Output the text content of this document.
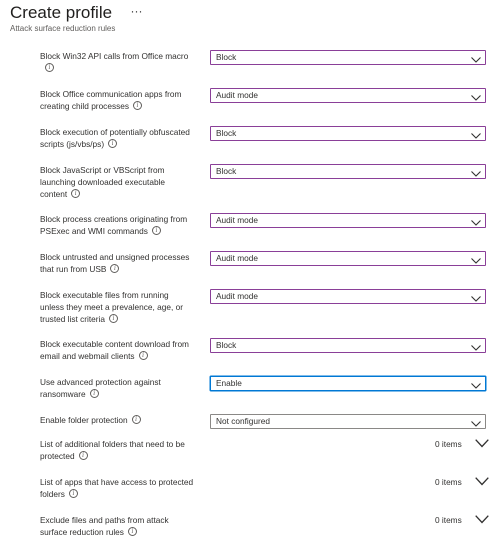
Create profile ···
Attack surface reduction rules
Block Win32 API calls from Office macro
i
Block
Block Office communication apps from
creating child processes i
Audit mode
Block execution of potentially obfuscated
scripts (js/vbs/ps) i
Block
Block JavaScript or VBScript from
launching downloaded executable
content i
Block
Block process creations originating from
PSExec and WMI commands i
Audit mode
Block untrusted and unsigned processes
that run from USB i
Audit mode
Block executable files from running
unless they meet a prevalence, age, or
trusted list criteria i
Audit mode
Block executable content download from
email and webmail clients i
Block
Use advanced protection against
ransomware i
Enable
Enable folder protection i	Not configured
List of additional folders that need to be
protected i
0 items
List of apps that have access to protected
folders i
0 items
Exclude files and paths from attack
surface reduction rules i
0 items
